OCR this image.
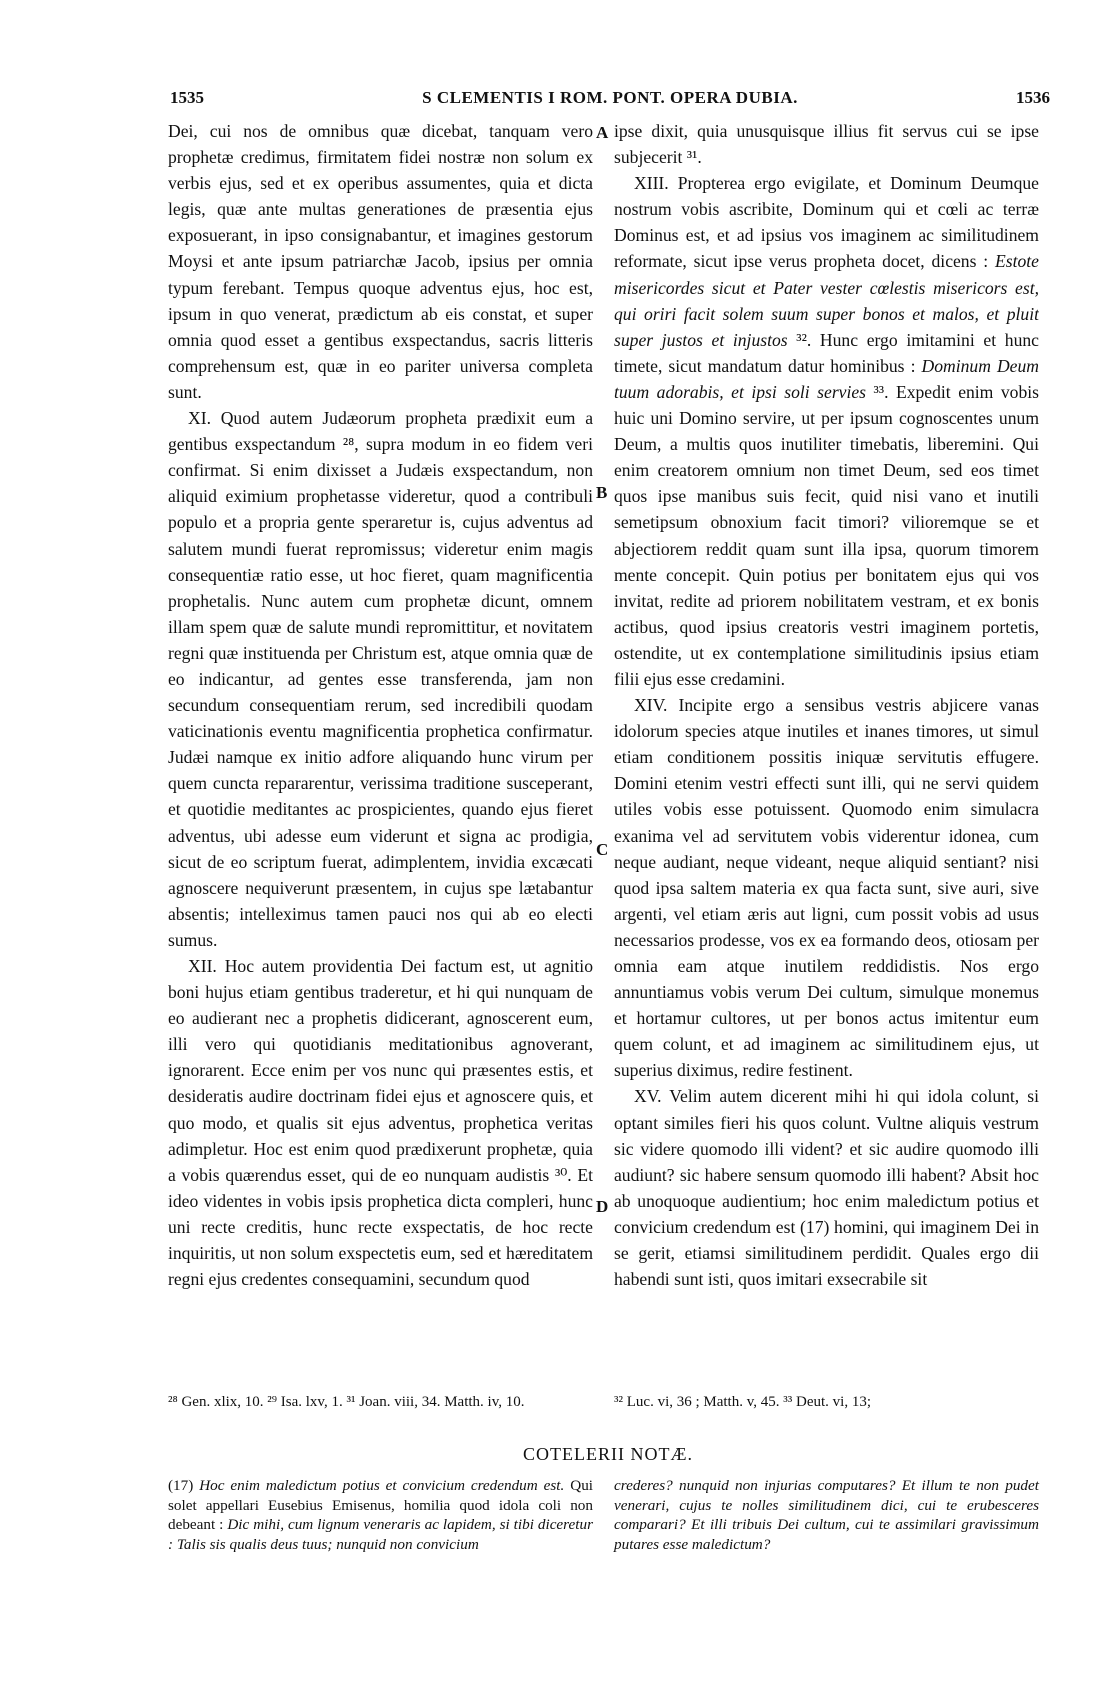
1535	S CLEMENTIS I ROM. PONT. OPERA DUBIA.	1536

Dei, cui nos de omnibus quæ dicebat, tanquam vero prophetæ credimus, firmitatem fidei nostræ non solum ex verbis ejus, sed et ex operibus assumentes, quia et dicta legis, quæ ante multas generationes de præsentia ejus exposuerant, in ipso consignabantur, et imagines gestorum Moysi et ante ipsum patriarchæ Jacob, ipsius per omnia typum ferebant. Tempus quoque adventus ejus, hoc est, ipsum in quo venerat, prædictum ab eis constat, et super omnia quod esset a gentibus exspectandus, sacris litteris comprehensum est, quæ in eo pariter universa completa sunt.

XI. Quod autem Judæorum propheta prædixit eum a gentibus exspectandum ²⁸, supra modum in eo fidem veri confirmat. Si enim dixisset a Judæis exspectandum, non aliquid eximium prophetasse videretur, quod a contribuli populo et a propria gente speraretur is, cujus adventus ad salutem mundi fuerat repromissus; videretur enim magis consequentiæ ratio esse, ut hoc fieret, quam magnificentia prophetalis. Nunc autem cum prophetæ dicunt, omnem illam spem quæ de salute mundi repromittitur, et novitatem regni quæ instituenda per Christum est, atque omnia quæ de eo indicantur, ad gentes esse transferenda, jam non secundum consequentiam rerum, sed incredibili quodam vaticinationis eventu magnificentia prophetica confirmatur. Judæi namque ex initio adfore aliquando hunc virum per quem cuncta repararentur, verissima traditione susceperant, et quotidie meditantes ac prospicientes, quando ejus fieret adventus, ubi adesse eum viderunt et signa ac prodigia, sicut de eo scriptum fuerat, adimplentem, invidia excæcati agnoscere nequiverunt præsentem, in cujus spe lætabantur absentis; intelleximus tamen pauci nos qui ab eo electi sumus.

XII. Hoc autem providentia Dei factum est, ut agnitio boni hujus etiam gentibus traderetur, et hi qui nunquam de eo audierant nec a prophetis didicerant, agnoscerent eum, illi vero qui quotidianis meditationibus agnoverant, ignorarent. Ecce enim per vos nunc qui præsentes estis, et desideratis audire doctrinam fidei ejus et agnoscere quis, et quo modo, et qualis sit ejus adventus, prophetica veritas adimpletur. Hoc est enim quod prædixerunt prophetæ, quia a vobis quærendus esset, qui de eo nunquam audistis ³⁰. Et ideo videntes in vobis ipsis prophetica dicta compleri, hunc uni recte creditis, hunc recte exspectatis, de hoc recte inquiritis, ut non solum exspectetis eum, sed et hæreditatem regni ejus credentes consequamini, secundum quod

ipse dixit, quia unusquisque illius fit servus cui se ipse subjecerit ³¹.

XIII. Propterea ergo evigilate, et Dominum Deumque nostrum vobis ascribite, Dominum qui et cœli ac terræ Dominus est, et ad ipsius vos imaginem ac similitudinem reformate, sicut ipse verus propheta docet, dicens : Estote misericordes sicut et Pater vester cœlestis misericors est, qui oriri facit solem suum super bonos et malos, et pluit super justos et injustos ³². Hunc ergo imitamini et hunc timete, sicut mandatum datur hominibus : Dominum Deum tuum adorabis, et ipsi soli servies ³³. Expedit enim vobis huic uni Domino servire, ut per ipsum cognoscentes unum Deum, a multis quos inutiliter timebatis, liberemini. Qui enim creatorem omnium non timet Deum, sed eos timet quos ipse manibus suis fecit, quid nisi vano et inutili semetipsum obnoxium facit timori? vilioremque se et abjectiorem reddit quam sunt illa ipsa, quorum timorem mente concepit. Quin potius per bonitatem ejus qui vos invitat, redite ad priorem nobilitatem vestram, et ex bonis actibus, quod ipsius creatoris vestri imaginem portetis, ostendite, ut ex contemplatione similitudinis ipsius etiam filii ejus esse credamini.

XIV. Incipite ergo a sensibus vestris abjicere vanas idolorum species atque inutiles et inanes timores, ut simul etiam conditionem possitis iniquæ servitutis effugere. Domini etenim vestri effecti sunt illi, qui ne servi quidem utiles vobis esse potuissent. Quomodo enim simulacra exanima vel ad servitutem vobis viderentur idonea, cum neque audiant, neque videant, neque aliquid sentiant? nisi quod ipsa saltem materia ex qua facta sunt, sive auri, sive argenti, vel etiam æris aut ligni, cum possit vobis ad usus necessarios prodesse, vos ex ea formando deos, otiosam per omnia eam atque inutilem reddidistis. Nos ergo annuntiamus vobis verum Dei cultum, simulque monemus et hortamur cultores, ut per bonos actus imitentur eum quem colunt, et ad imaginem ac similitudinem ejus, ut superius diximus, redire festinent.

XV. Velim autem dicerent mihi hi qui idola colunt, si optant similes fieri his quos colunt. Vultne aliquis vestrum sic videre quomodo illi vident? et sic audire quomodo illi audiunt? sic habere sensum quomodo illi habent? Absit hoc ab unoquoque audientium; hoc enim maledictum potius et convicium credendum est (17) homini, qui imaginem Dei in se gerit, etiamsi similitudinem perdidit. Quales ergo dii habendi sunt isti, quos imitari exsecrabile sit

A
B
C
D
²⁸ Gen. xlix, 10. ²⁹ Isa. lxv, 1. ³¹ Joan. viii, 34. Matth. iv, 10.	³² Luc. vi, 36 ; Matth. v, 45. ³³ Deut. vi, 13;
COTELERII NOTÆ.

(17) Hoc enim maledictum potius et convicium credendum est. Qui solet appellari Eusebius Emisenus, homilia quod idola coli non debeant : Dic mihi, cum lignum veneraris ac lapidem, si tibi diceretur : Talis sis qualis deus tuus; nunquid non convicium

crederes? nunquid non injurias computares? Et illum te non pudet venerari, cujus te nolles similitudinem dici, cui te erubesceres comparari? Et illi tribuis Dei cultum, cui te assimilari gravissimum putares esse maledictum?
